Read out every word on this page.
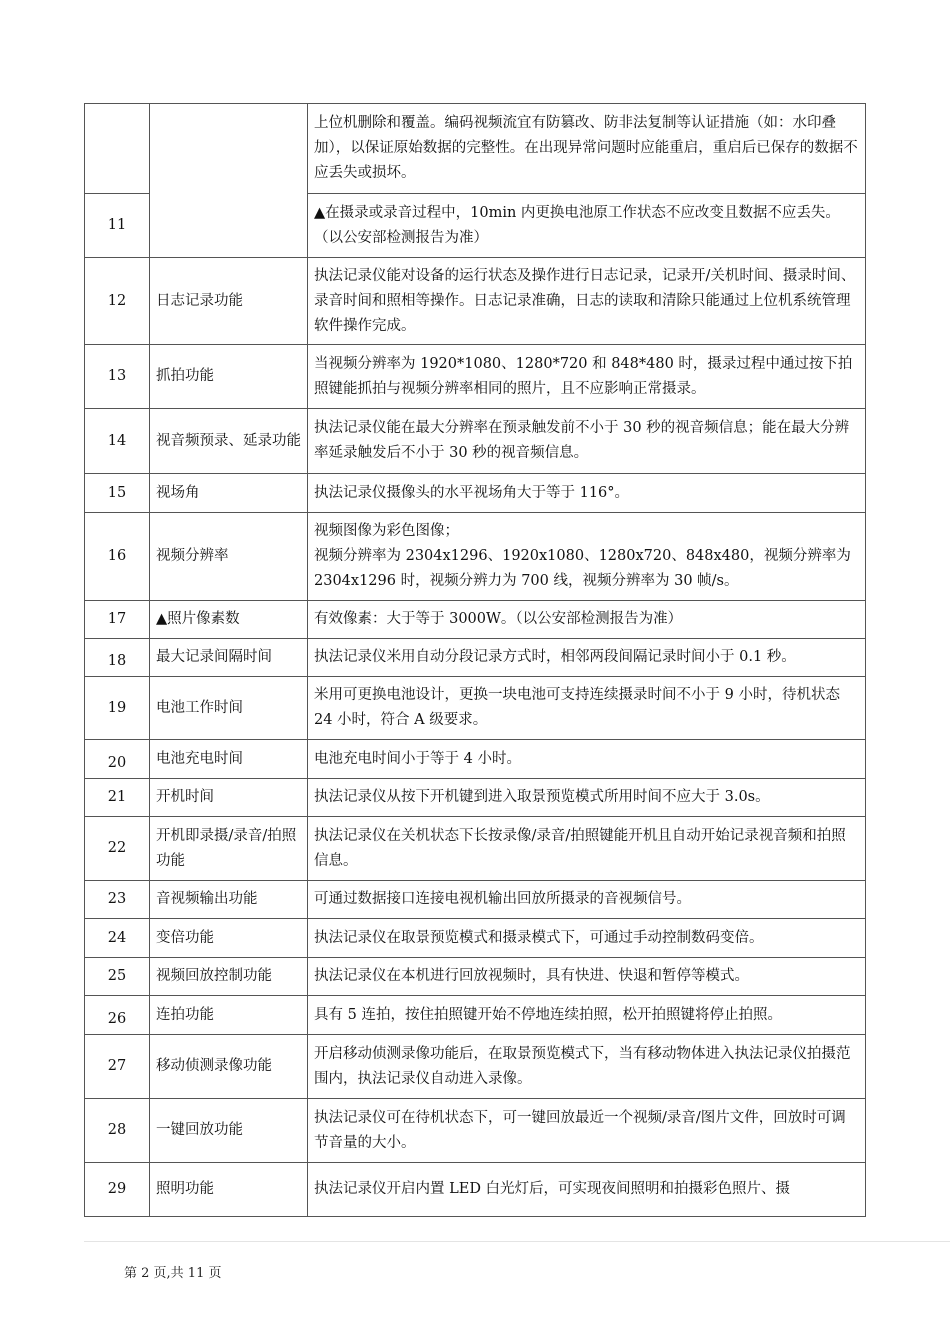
		上位机删除和覆盖。编码视频流宜有防篡改、防非法复制等认证措施（如：水印叠加），以保证原始数据的完整性。在出现异常问题时应能重启，重启后已保存的数据不应丢失或损坏。
11		▲在摄录或录音过程中，10min 内更换电池原工作状态不应改变且数据不应丢失。（以公安部检测报告为准）
12	日志记录功能	执法记录仪能对设备的运行状态及操作进行日志记录，记录开/关机时间、摄录时间、录音时间和照相等操作。日志记录准确，日志的读取和清除只能通过上位机系统管理软件操作完成。
13	抓拍功能	当视频分辨率为 1920*1080、1280*720 和 848*480 时，摄录过程中通过按下拍照键能抓拍与视频分辨率相同的照片，且不应影响正常摄录。
14	视音频预录、延录功能	执法记录仪能在最大分辨率在预录触发前不小于 30 秒的视音频信息；能在最大分辨率延录触发后不小于 30 秒的视音频信息。
15	视场角	执法记录仪摄像头的水平视场角大于等于 116°。
16	视频分辨率	视频图像为彩色图像；
视频分辨率为 2304x1296、1920x1080、1280x720、848x480，视频分辨率为 2304x1296 时，视频分辨力为 700 线，视频分辨率为 30 帧/s。
17	▲照片像素数	有效像素：大于等于 3000W。（以公安部检测报告为准）
18	最大记录间隔时间	执法记录仪米用自动分段记录方式时，相邻两段间隔记录时间小于 0.1 秒。
19	电池工作时间	米用可更换电池设计，更换一块电池可支持连续摄录时间不小于 9 小时，待机状态 24 小时，符合 A 级要求。
20	电池充电时间	电池充电时间小于等于 4 小时。
21	开机时间	执法记录仪从按下开机键到进入取景预览模式所用时间不应大于 3.0s。
22	开机即录摄/录音/拍照功能	执法记录仪在关机状态下长按录像/录音/拍照键能开机且自动开始记录视音频和拍照信息。
23	音视频输出功能	可通过数据接口连接电视机输出回放所摄录的音视频信号。
24	变倍功能	执法记录仪在取景预览模式和摄录模式下，可通过手动控制数码变倍。
25	视频回放控制功能	执法记录仪在本机进行回放视频时，具有快进、快退和暂停等模式。
26	连拍功能	具有 5 连拍，按住拍照键开始不停地连续拍照，松开拍照键将停止拍照。
27	移动侦测录像功能	开启移动侦测录像功能后，在取景预览模式下，当有移动物体进入执法记录仪拍摄范围内，执法记录仪自动进入录像。
28	一键回放功能	执法记录仪可在待机状态下，可一键回放最近一个视频/录音/图片文件，回放时可调节音量的大小。
29	照明功能	执法记录仪开启内置 LED 白光灯后，可实现夜间照明和拍摄彩色照片、摄
第 2 页,共 11 页
